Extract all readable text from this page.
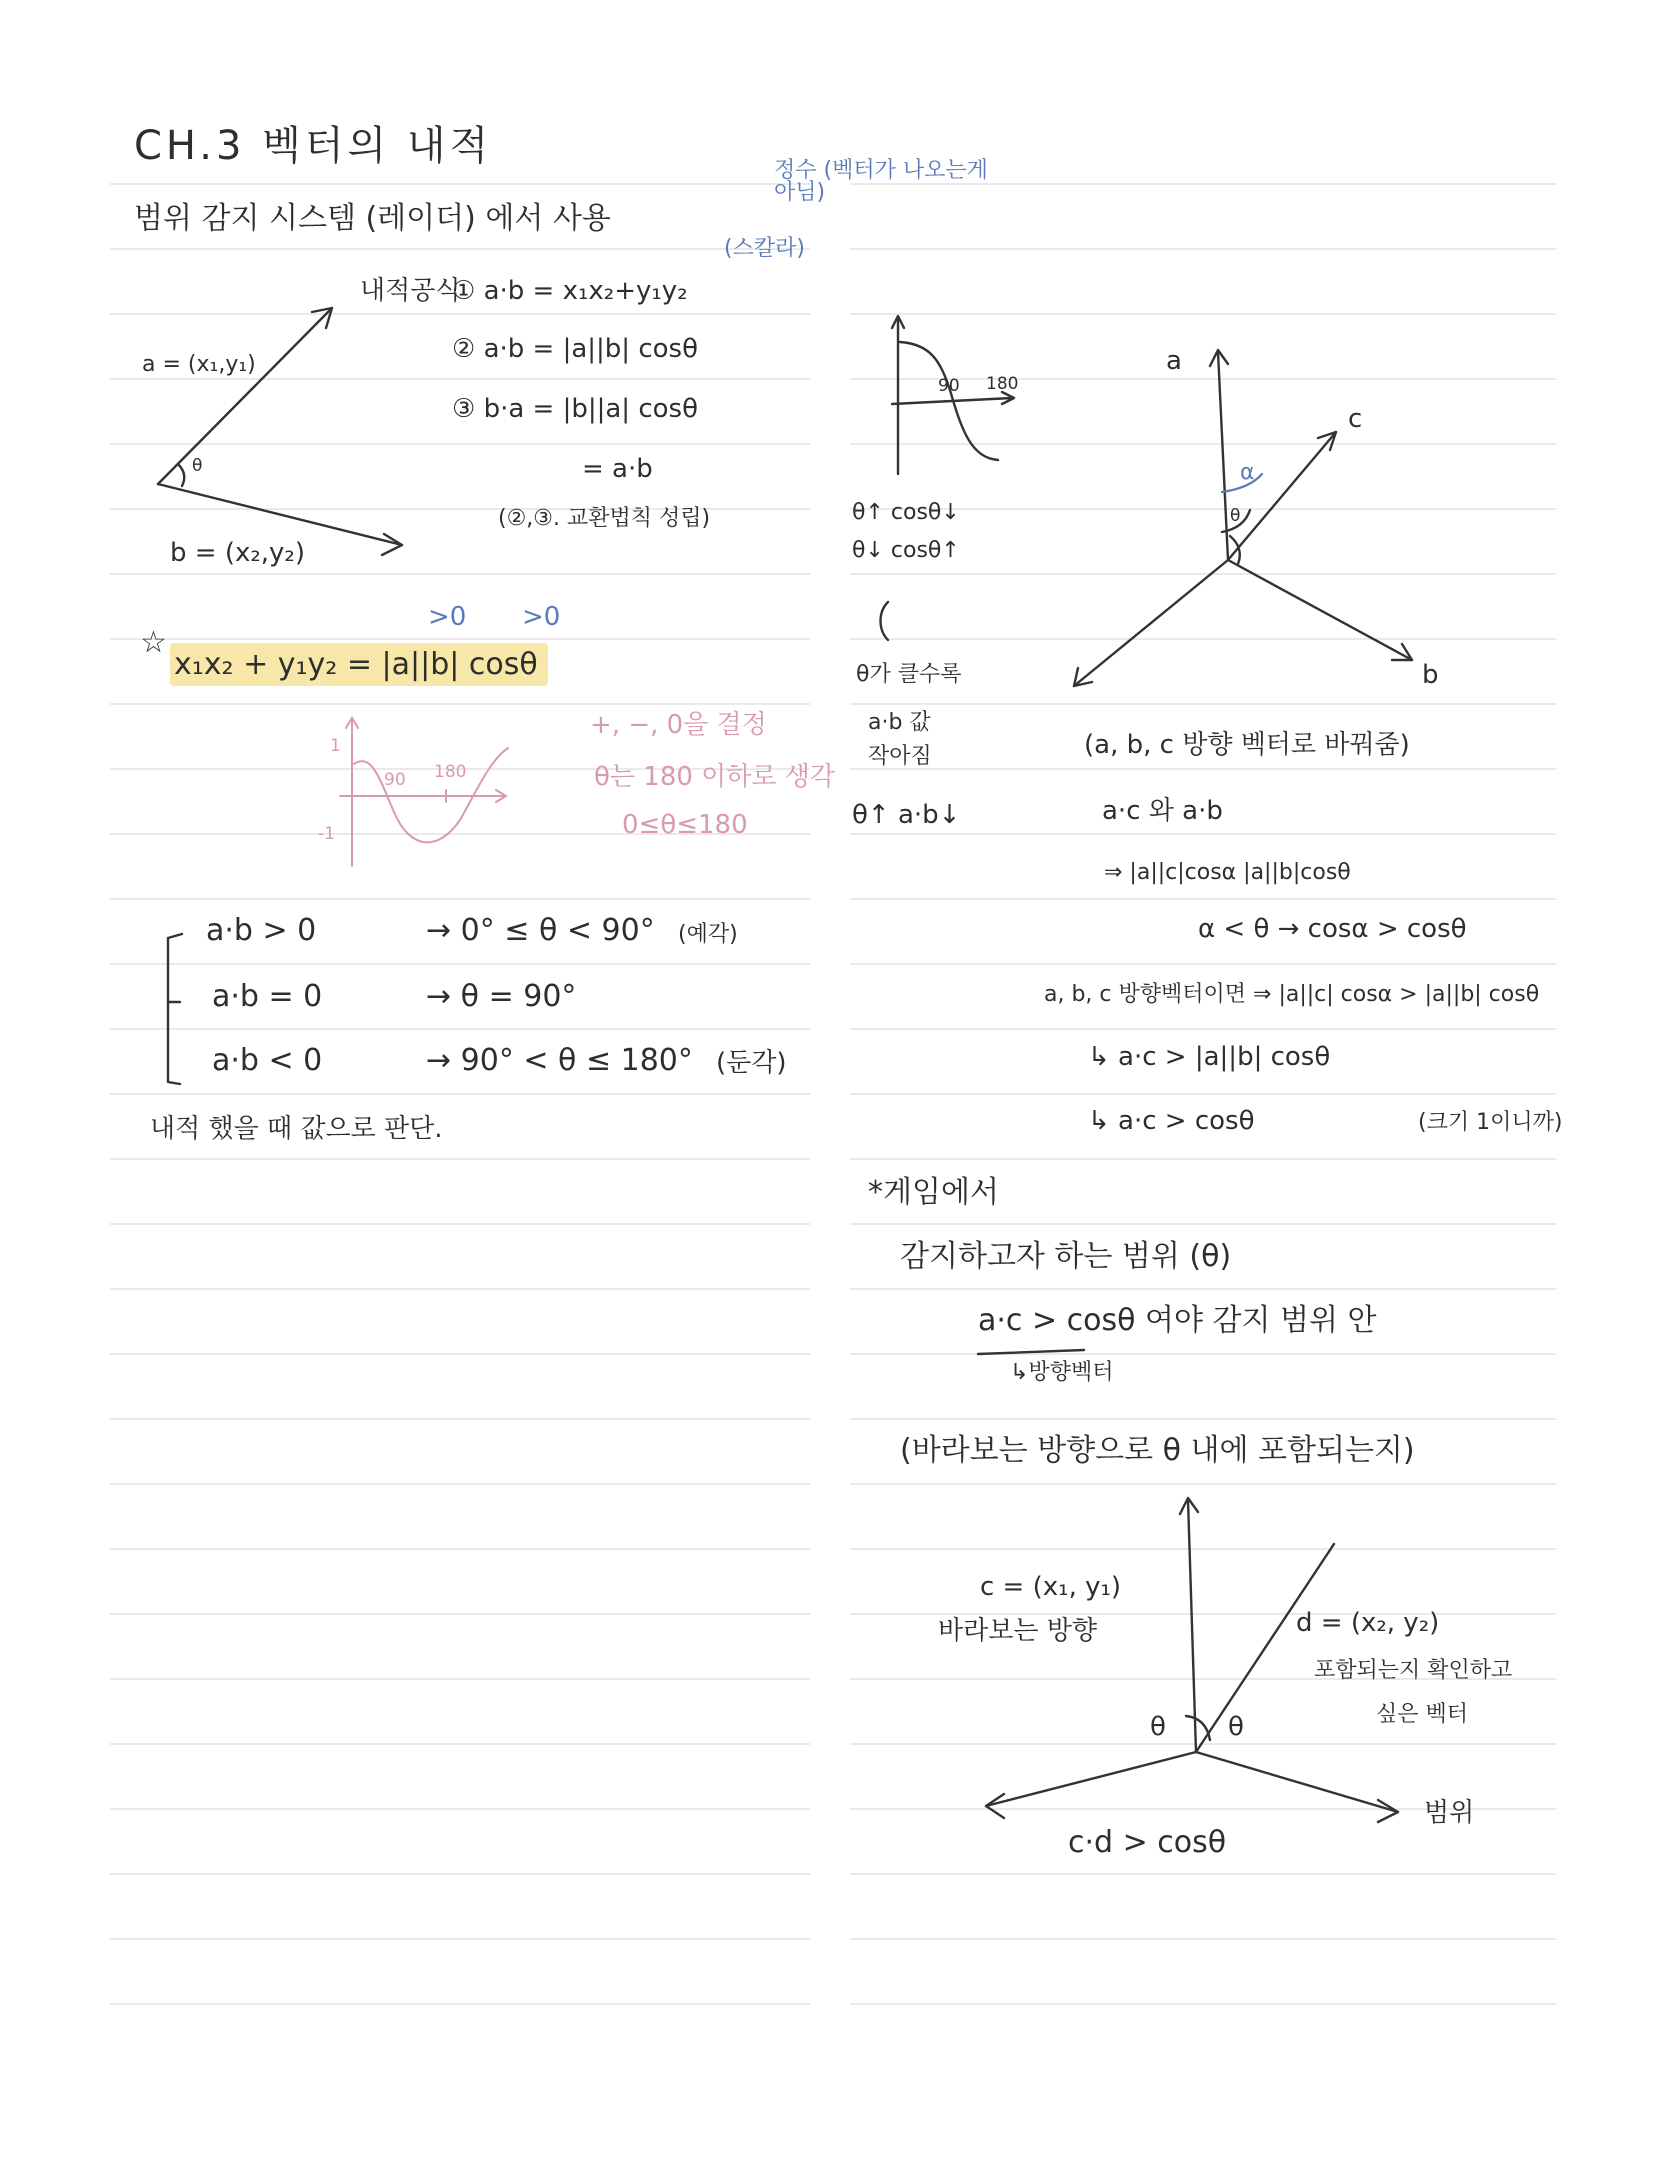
CH.3 벡터의 내적
범위 감지 시스템 (레이더) 에서 사용
정수 (벡터가 나오는게 아님)
(스칼라)
내적공식
① a·b = x₁x₂+y₁y₂
② a·b = |a||b| cosθ
③ b·a = |b||a| cosθ
= a·b
(②,③. 교환법칙 성립)
a = (x₁,y₁)
b = (x₂,y₂)
θ
☆
x₁x₂ + y₁y₂ = |a||b| cosθ
>0 >0
+, −, 0을 결정
θ는 180 이하로 생각
0≤θ≤180
90 180
1
-1
a·b > 0	→ 0° ≤ θ < 90° (예각)
a·b = 0	→ θ = 90°
a·b < 0	→ 90° < θ ≤ 180° (둔각)
내적 했을 때 값으로 판단.
90 180
θ↑ cosθ↓
θ↓ cosθ↑
θ가 클수록
a·b 값
작아짐
θ↑ a·b↓
a
c
b
α
θ
(a, b, c 방향 벡터로 바꿔줌)
a·c 와 a·b
⇒ |a||c|cosα |a||b|cosθ
α < θ → cosα > cosθ
a, b, c 방향벡터이면 ⇒ |a||c| cosα > |a||b| cosθ
↳ a·c > |a||b| cosθ
↳ a·c > cosθ	(크기 1이니까)
*게임에서
감지하고자 하는 범위 (θ)
a·c > cosθ 여야 감지 범위 안
↳방향벡터
(바라보는 방향으로 θ 내에 포함되는지)
c = (x₁, y₁)
바라보는 방향	d = (x₂, y₂)
포함되는지 확인하고
싶은 벡터
θ θ
범위
c·d > cosθ
